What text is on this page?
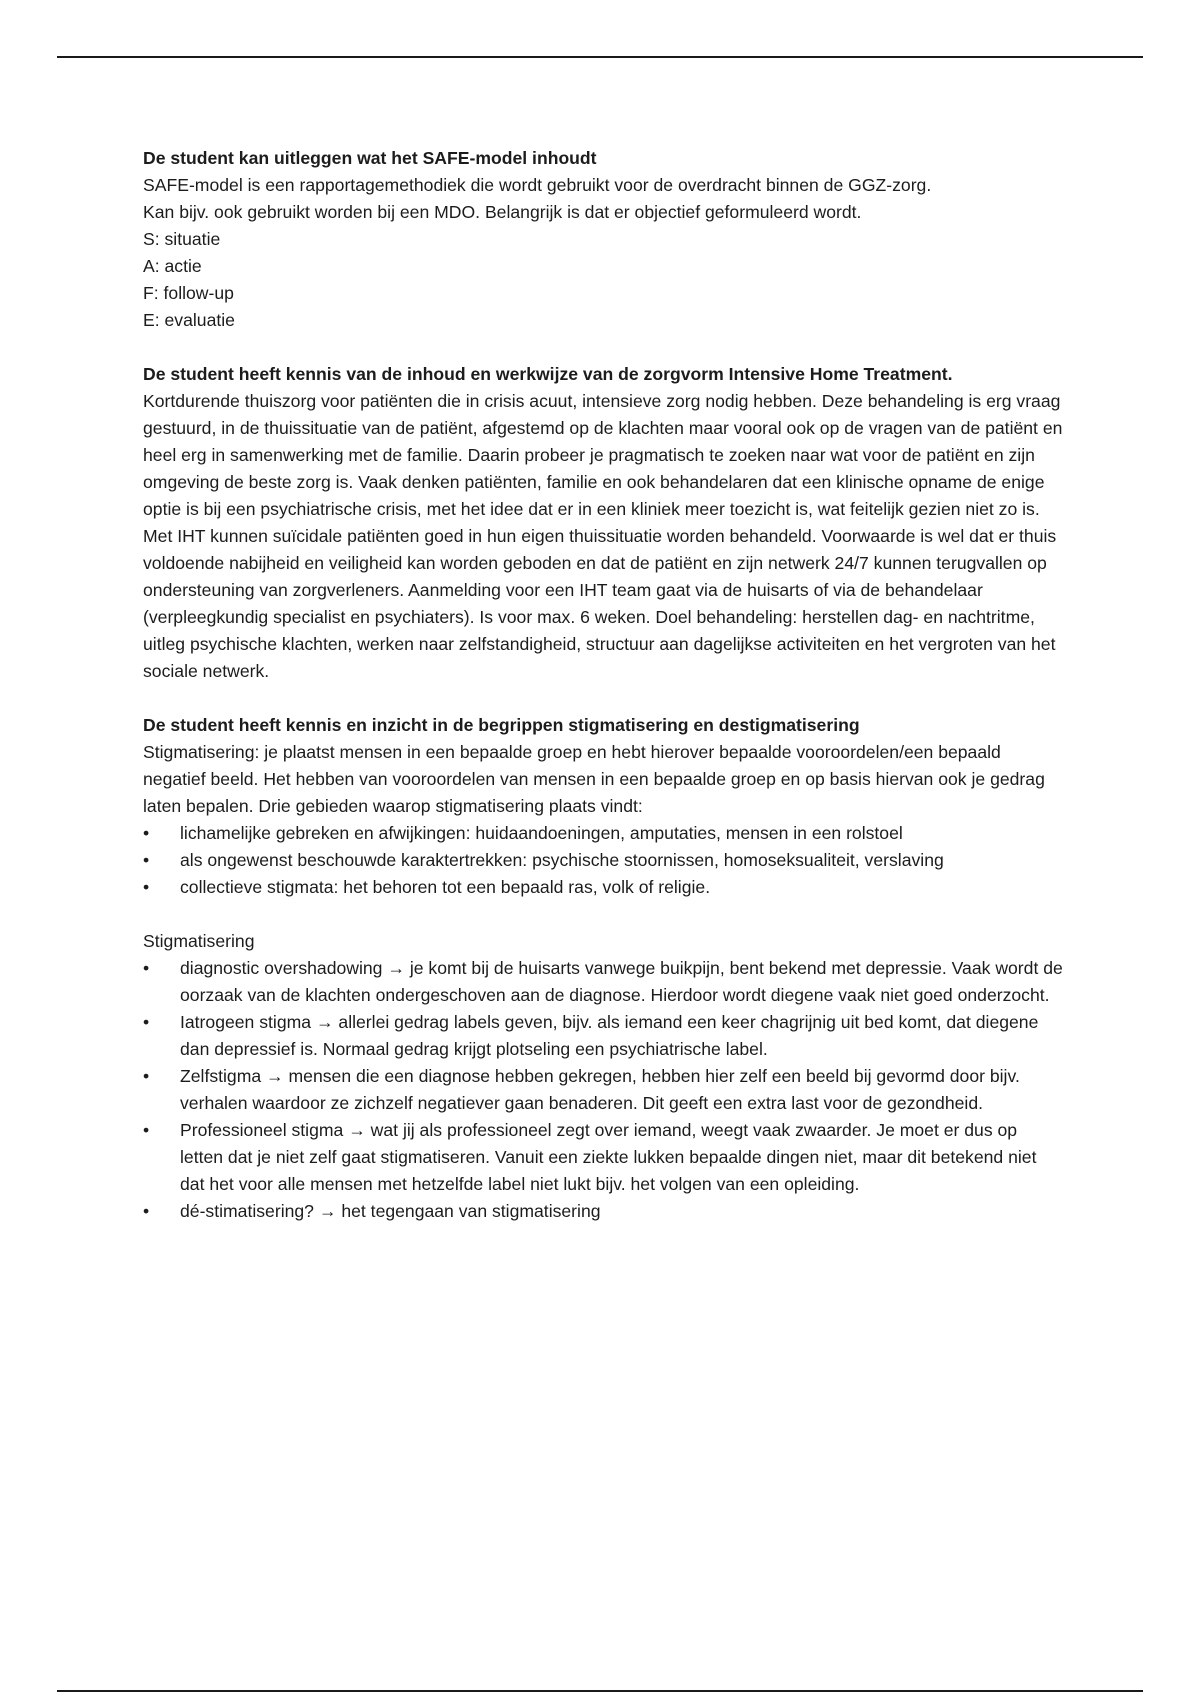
De student kan uitleggen wat het SAFE-model inhoudt

SAFE-model is een rapportagemethodiek die wordt gebruikt voor de overdracht binnen de GGZ-zorg.
Kan bijv. ook gebruikt worden bij een MDO. Belangrijk is dat er objectief geformuleerd wordt.
S: situatie
A: actie
F: follow-up
E: evaluatie

De student heeft kennis van de inhoud en werkwijze van de zorgvorm Intensive Home Treatment.

Kortdurende thuiszorg voor patiënten die in crisis acuut, intensieve zorg nodig hebben. Deze behandeling is erg vraag gestuurd, in de thuissituatie van de patiënt, afgestemd op de klachten maar vooral ook op de vragen van de patiënt en heel erg in samenwerking met de familie. Daarin probeer je pragmatisch te zoeken naar wat voor de patiënt en zijn omgeving de beste zorg is. Vaak denken patiënten, familie en ook behandelaren dat een klinische opname de enige optie is bij een psychiatrische crisis, met het idee dat er in een kliniek meer toezicht is, wat feitelijk gezien niet zo is. Met IHT kunnen suïcidale patiënten goed in hun eigen thuissituatie worden behandeld. Voorwaarde is wel dat er thuis voldoende nabijheid en veiligheid kan worden geboden en dat de patiënt en zijn netwerk 24/7 kunnen terugvallen op ondersteuning van zorgverleners. Aanmelding voor een IHT team gaat via de huisarts of via de behandelaar (verpleegkundig specialist en psychiaters). Is voor max. 6 weken. Doel behandeling: herstellen dag- en nachtritme, uitleg psychische klachten, werken naar zelfstandigheid, structuur aan dagelijkse activiteiten en het vergroten van het sociale netwerk.

De student heeft kennis en inzicht in de begrippen stigmatisering en destigmatisering

Stigmatisering: je plaatst mensen in een bepaalde groep en hebt hierover bepaalde vooroordelen/een bepaald negatief beeld. Het hebben van vooroordelen van mensen in een bepaalde groep en op basis hiervan ook je gedrag laten bepalen. Drie gebieden waarop stigmatisering plaats vindt:

• lichamelijke gebreken en afwijkingen: huidaandoeningen, amputaties, mensen in een rolstoel
• als ongewenst beschouwde karaktertrekken: psychische stoornissen, homoseksualiteit, verslaving
• collectieve stigmata: het behoren tot een bepaald ras, volk of religie.

Stigmatisering

• diagnostic overshadowing → je komt bij de huisarts vanwege buikpijn, bent bekend met depressie. Vaak wordt de oorzaak van de klachten ondergeschoven aan de diagnose. Hierdoor wordt diegene vaak niet goed onderzocht.
• Iatrogeen stigma → allerlei gedrag labels geven, bijv. als iemand een keer chagrijnig uit bed komt, dat diegene dan depressief is. Normaal gedrag krijgt plotseling een psychiatrische label.
• Zelfstigma → mensen die een diagnose hebben gekregen, hebben hier zelf een beeld bij gevormd door bijv. verhalen waardoor ze zichzelf negatiever gaan benaderen. Dit geeft een extra last voor de gezondheid.
• Professioneel stigma → wat jij als professioneel zegt over iemand, weegt vaak zwaarder. Je moet er dus op letten dat je niet zelf gaat stigmatiseren. Vanuit een ziekte lukken bepaalde dingen niet, maar dit betekend niet dat het voor alle mensen met hetzelfde label niet lukt bijv. het volgen van een opleiding.
• dé-stimatisering? → het tegengaan van stigmatisering
